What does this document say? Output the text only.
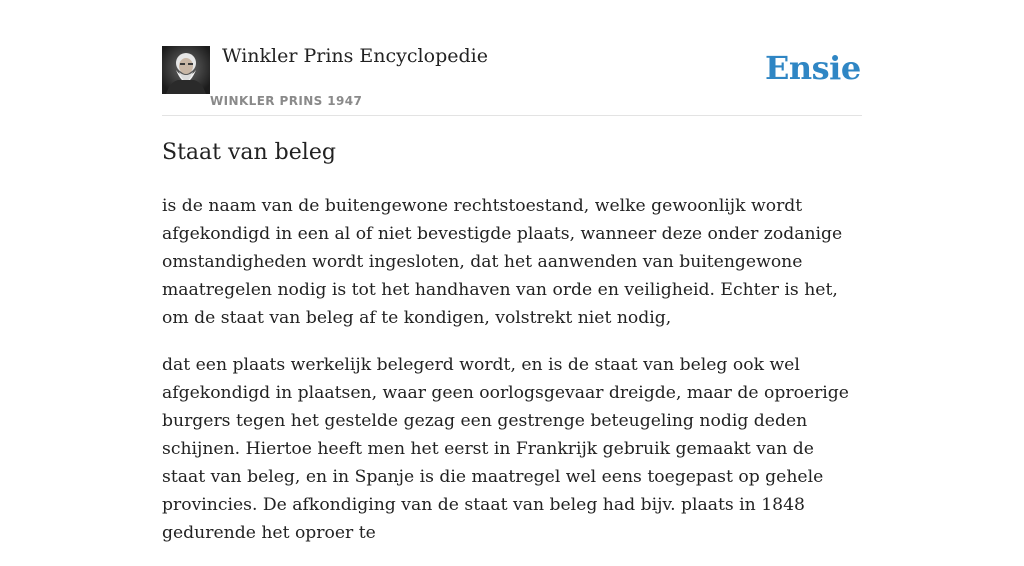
Winkler Prins Encyclopedie
WINKLER PRINS 1947
Ensie
Staat van beleg

is de naam van de buitengewone rechtstoestand, welke gewoonlijk wordt afgekondigd in een al of niet bevestigde plaats, wanneer deze onder zodanige omstandigheden wordt ingesloten, dat het aanwenden van buitengewone maatregelen nodig is tot het handhaven van orde en veiligheid. Echter is het, om de staat van beleg af te kondigen, volstrekt niet nodig,

dat een plaats werkelijk belegerd wordt, en is de staat van beleg ook wel afgekondigd in plaatsen, waar geen oorlogsgevaar dreigde, maar de oproerige burgers tegen het gestelde gezag een gestrenge beteugeling nodig deden schijnen. Hiertoe heeft men het eerst in Frankrijk gebruik gemaakt van de staat van beleg, en in Spanje is die maatregel wel eens toegepast op gehele provincies. De afkondiging van de staat van beleg had bijv. plaats in 1848 gedurende het oproer te
